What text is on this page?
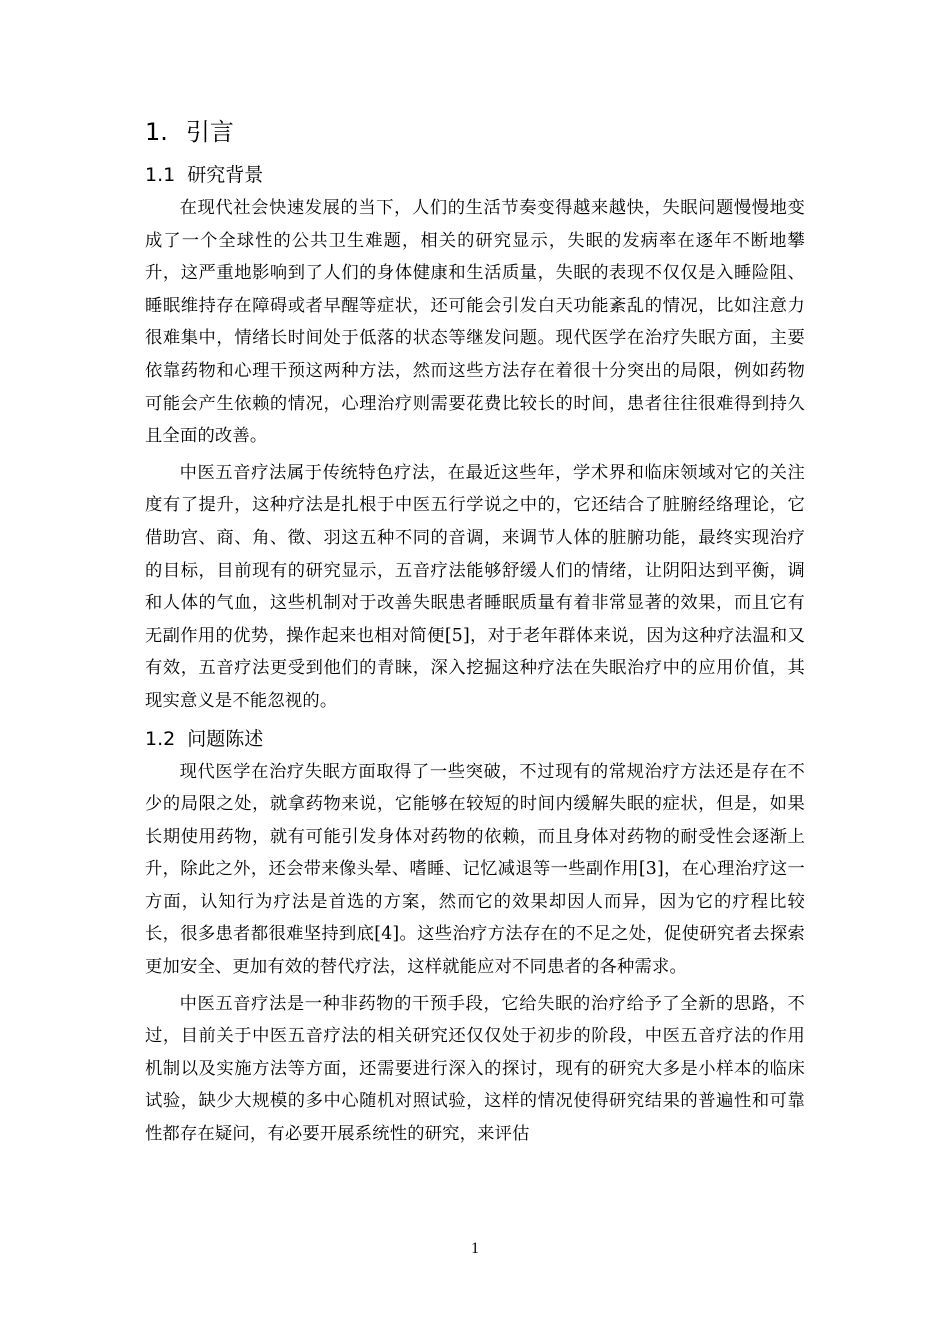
1. 引言
1.1 研究背景

在现代社会快速发展的当下，人们的生活节奏变得越来越快，失眠问题慢慢地变成了一个全球性的公共卫生难题，相关的研究显示，失眠的发病率在逐年不断地攀升，这严重地影响到了人们的身体健康和生活质量，失眠的表现不仅仅是入睡险阻、睡眠维持存在障碍或者早醒等症状，还可能会引发白天功能紊乱的情况，比如注意力很难集中，情绪长时间处于低落的状态等继发问题。现代医学在治疗失眠方面，主要依靠药物和心理干预这两种方法，然而这些方法存在着很十分突出的局限，例如药物可能会产生依赖的情况，心理治疗则需要花费比较长的时间，患者往往很难得到持久且全面的改善。

中医五音疗法属于传统特色疗法，在最近这些年，学术界和临床领域对它的关注度有了提升，这种疗法是扎根于中医五行学说之中的，它还结合了脏腑经络理论，它借助宫、商、角、徵、羽这五种不同的音调，来调节人体的脏腑功能，最终实现治疗的目标，目前现有的研究显示，五音疗法能够舒缓人们的情绪，让阴阳达到平衡，调和人体的气血，这些机制对于改善失眠患者睡眠质量有着非常显著的效果，而且它有无副作用的优势，操作起来也相对简便[5]，对于老年群体来说，因为这种疗法温和又有效，五音疗法更受到他们的青睐，深入挖掘这种疗法在失眠治疗中的应用价值，其现实意义是不能忽视的。

1.2 问题陈述

现代医学在治疗失眠方面取得了一些突破，不过现有的常规治疗方法还是存在不少的局限之处，就拿药物来说，它能够在较短的时间内缓解失眠的症状，但是，如果长期使用药物，就有可能引发身体对药物的依赖，而且身体对药物的耐受性会逐渐上升，除此之外，还会带来像头晕、嗜睡、记忆减退等一些副作用[3]，在心理治疗这一方面，认知行为疗法是首选的方案，然而它的效果却因人而异，因为它的疗程比较长，很多患者都很难坚持到底[4]。这些治疗方法存在的不足之处，促使研究者去探索更加安全、更加有效的替代疗法，这样就能应对不同患者的各种需求。

中医五音疗法是一种非药物的干预手段，它给失眠的治疗给予了全新的思路，不过，目前关于中医五音疗法的相关研究还仅仅处于初步的阶段，中医五音疗法的作用机制以及实施方法等方面，还需要进行深入的探讨，现有的研究大多是小样本的临床试验，缺少大规模的多中心随机对照试验，这样的情况使得研究结果的普遍性和可靠性都存在疑问，有必要开展系统性的研究，来评估

1
